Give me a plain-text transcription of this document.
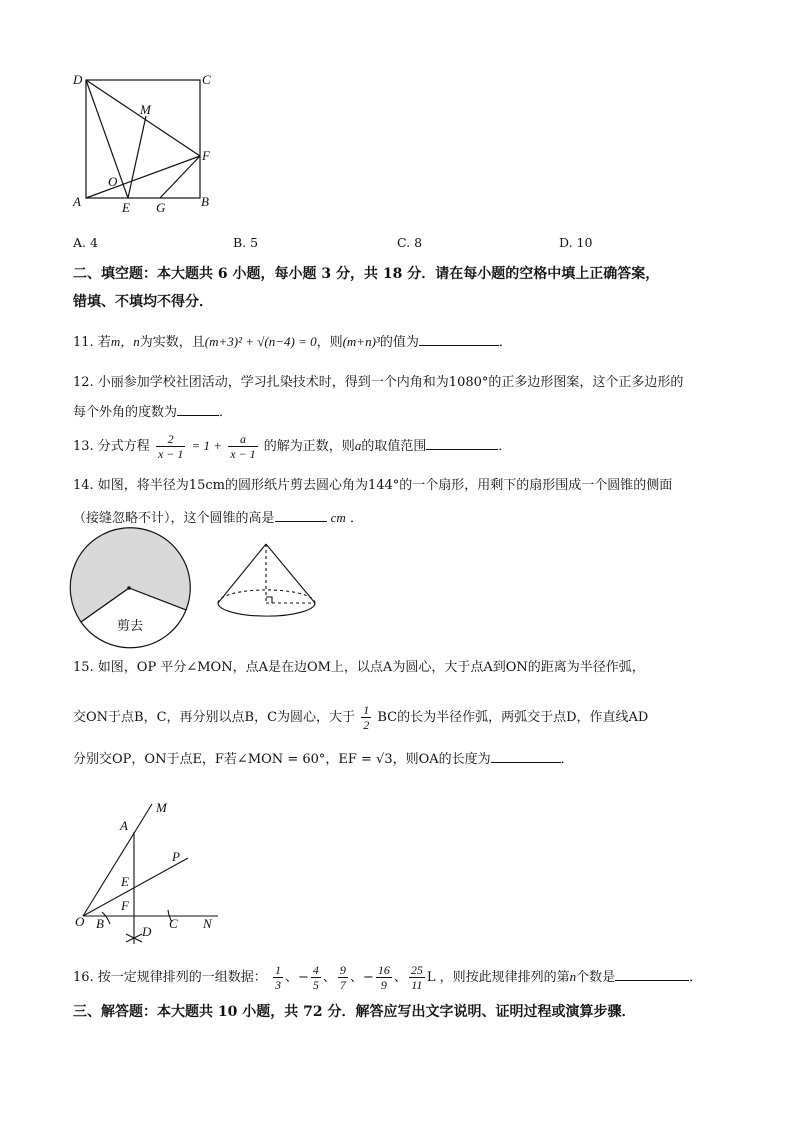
D	C
M
F
O
A	E G	B
A. 4	B. 5	C. 8	D. 10
二、填空题：本大题共 6 小题，每小题 3 分，共 18 分．请在每小题的空格中填上正确答案，
错填、不填均不得分．
11. 若m，n为实数，且(m+3)² + √(n−4) = 0，则(m+n)³的值为	．
12. 小丽参加学校社团活动，学习扎染技术时，得到一个内角和为1080°的正多边形图案，这个正多边形的
每个外角的度数为	．
13. 分式方程 $\frac{2}{x - 1} = 1 + \frac{a}{x - 1}$ 的解为正数，则a的取值范围	．
14. 如图，将半径为15cm的圆形纸片剪去圆心角为144°的一个扇形，用剩下的扇形围成一个圆锥的侧面
（接缝忽略不计），这个圆锥的高是	cm ．
剪去
15. 如图，OP 平分∠MON，点A是在边OM上，以点A为圆心，大于点A到ON的距离为半径作弧，
交ON于点B，C，再分别以点B，C为圆心，大于 $\frac{1}{2}$ BC的长为半径作弧，两弧交于点D，作直线AD
分别交OP，ON于点E，F若∠MON = 60°，EF = √3，则OA的长度为	．
M
A
P
E
F
O B
D
C N
16. 按一定规律排列的一组数据： $\frac{1}{3}$ 、− $\frac{4}{5}$ 、 $\frac{9}{7}$ 、− $\frac{16}{9}$ 、 $\frac{25}{11}$ L ，则按此规律排列的第n个数是	．
三、解答题：本大题共 10 小题，共 72 分．解答应写出文字说明、证明过程或演算步骤．
